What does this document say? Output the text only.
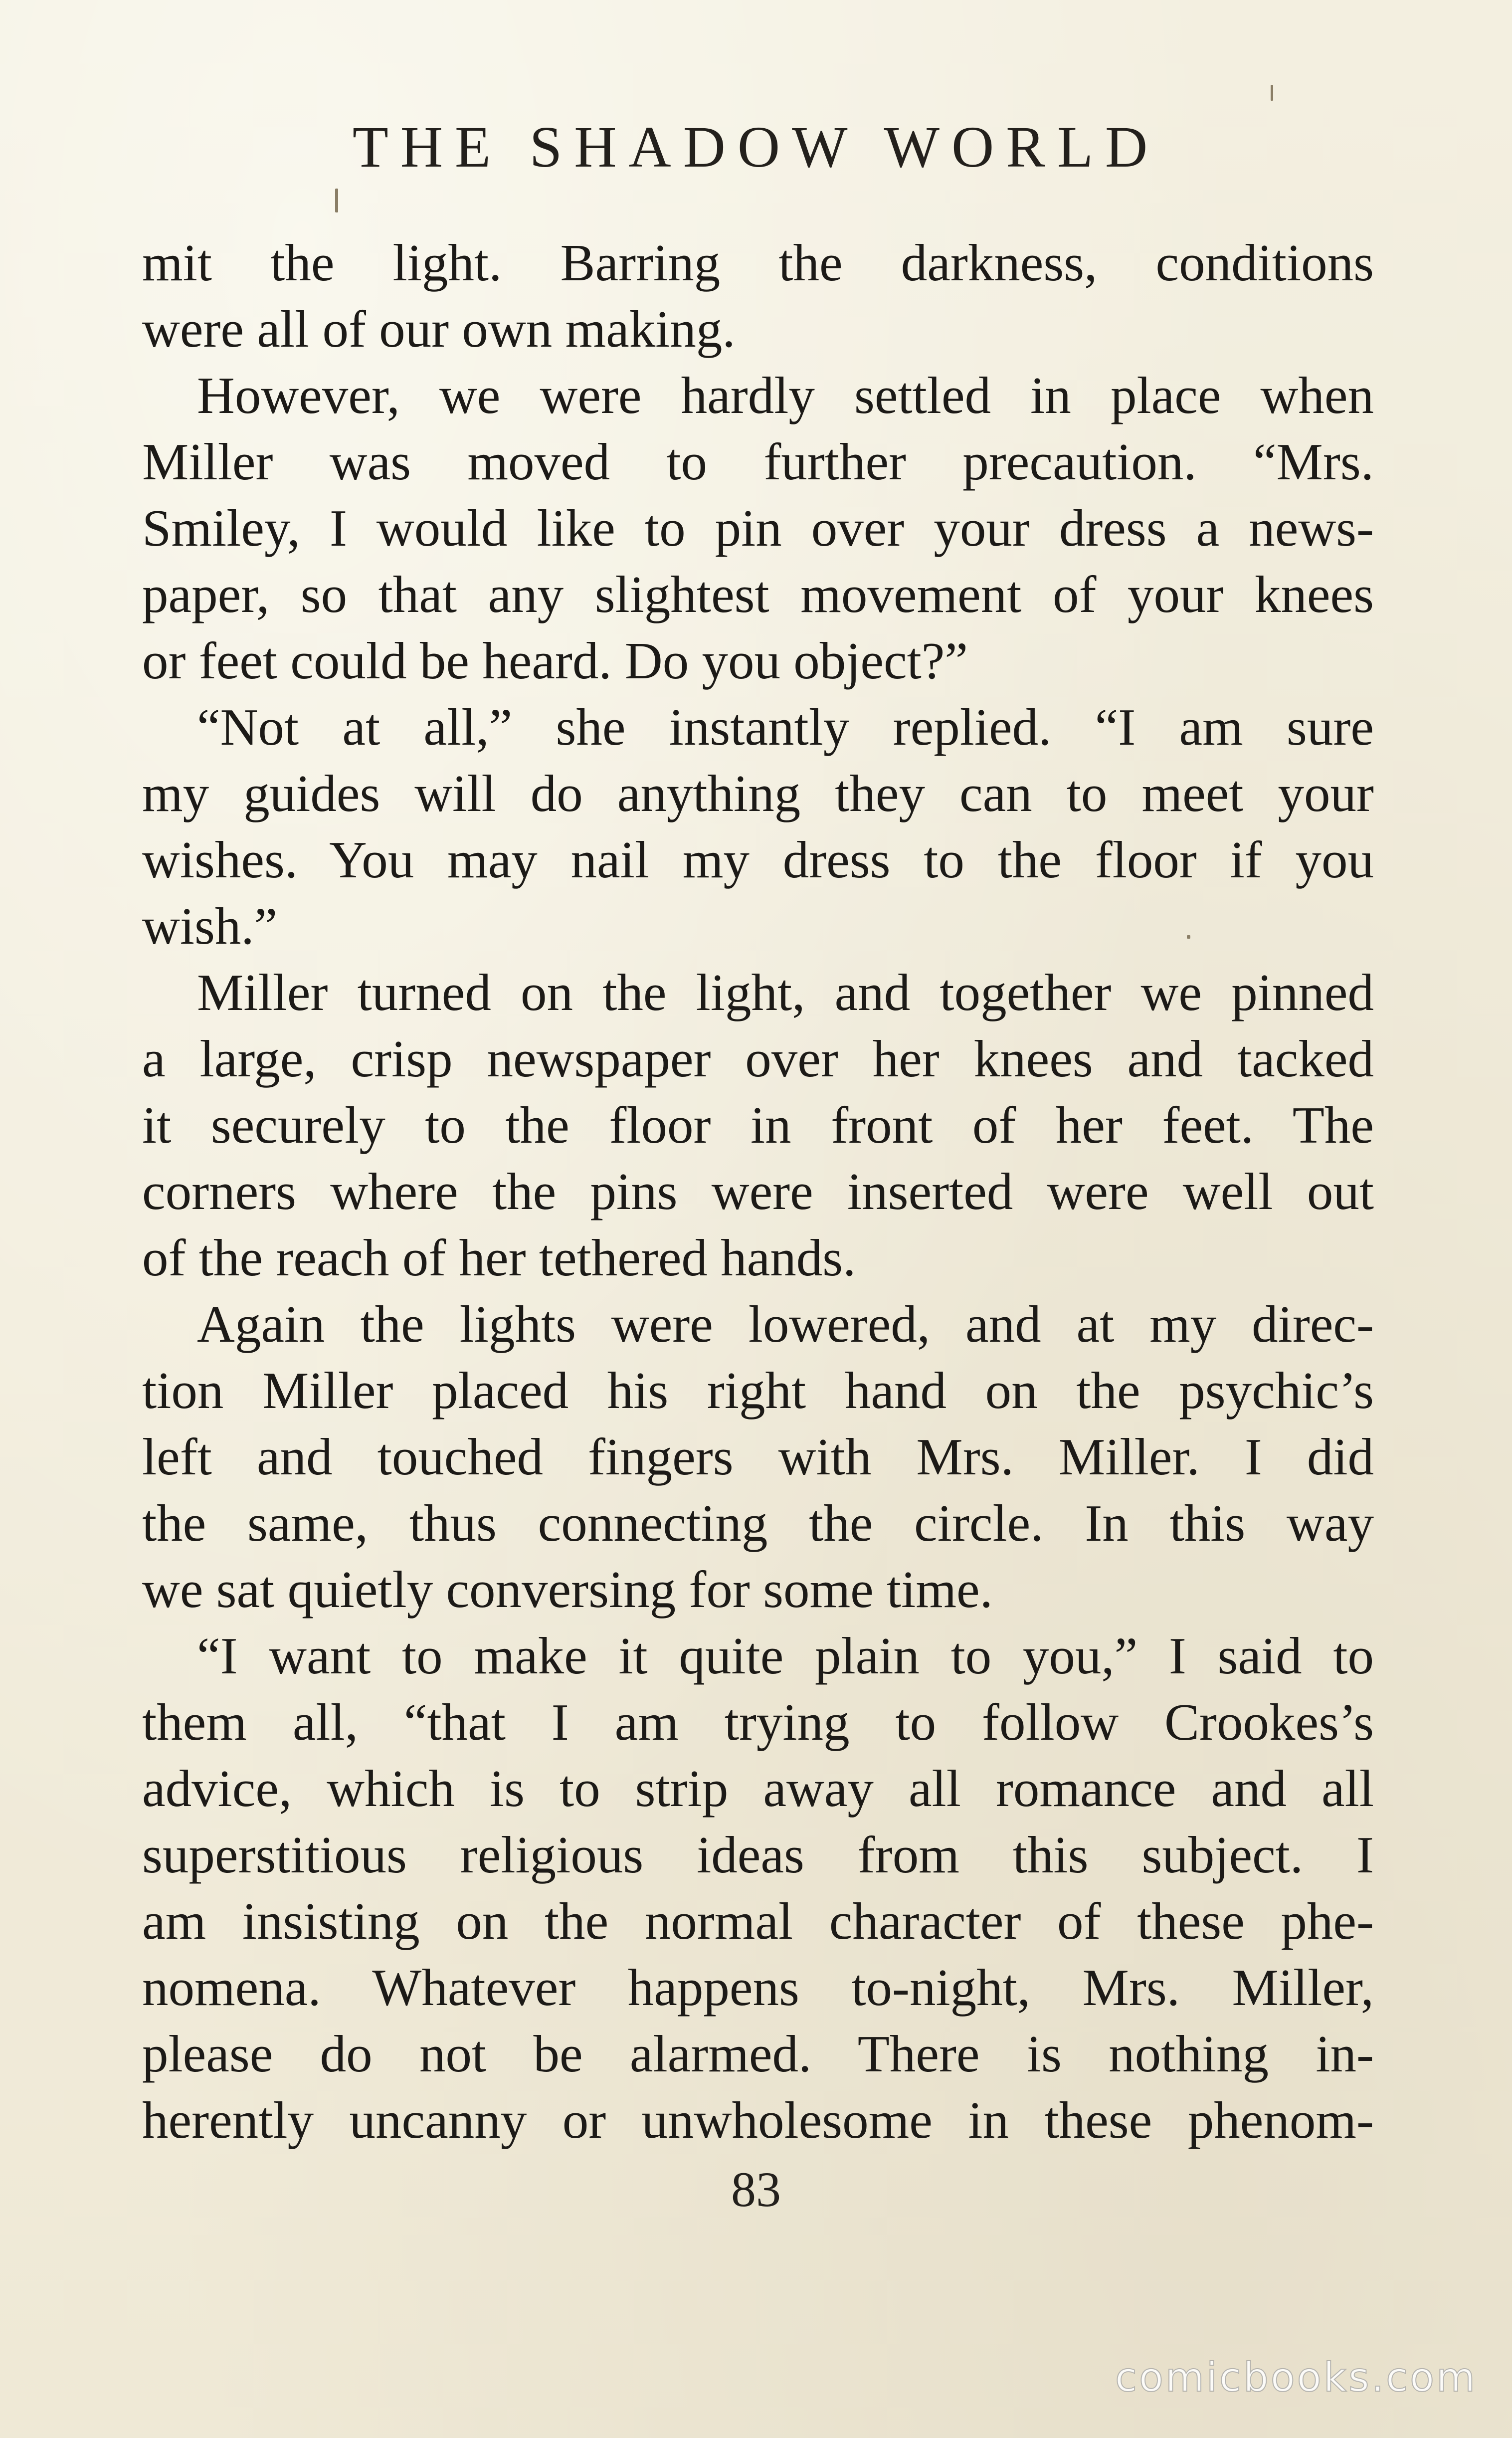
THE SHADOW WORLD
mit the light. Barring the darkness, conditions
were all of our own making.
However, we were hardly settled in place when
Miller was moved to further precaution. “Mrs.
Smiley, I would like to pin over your dress a news-
paper, so that any slightest movement of your knees
or feet could be heard. Do you object?”
“Not at all,” she instantly replied. “I am sure
my guides will do anything they can to meet your
wishes. You may nail my dress to the floor if you
wish.”
Miller turned on the light, and together we pinned
a large, crisp newspaper over her knees and tacked
it securely to the floor in front of her feet. The
corners where the pins were inserted were well out
of the reach of her tethered hands.
Again the lights were lowered, and at my direc-
tion Miller placed his right hand on the psychic’s
left and touched fingers with Mrs. Miller. I did
the same, thus connecting the circle. In this way
we sat quietly conversing for some time.
“I want to make it quite plain to you,” I said to
them all, “that I am trying to follow Crookes’s
advice, which is to strip away all romance and all
superstitious religious ideas from this subject. I
am insisting on the normal character of these phe-
nomena. Whatever happens to-night, Mrs. Miller,
please do not be alarmed. There is nothing in-
herently uncanny or unwholesome in these phenom-
83
comicbooks.com
